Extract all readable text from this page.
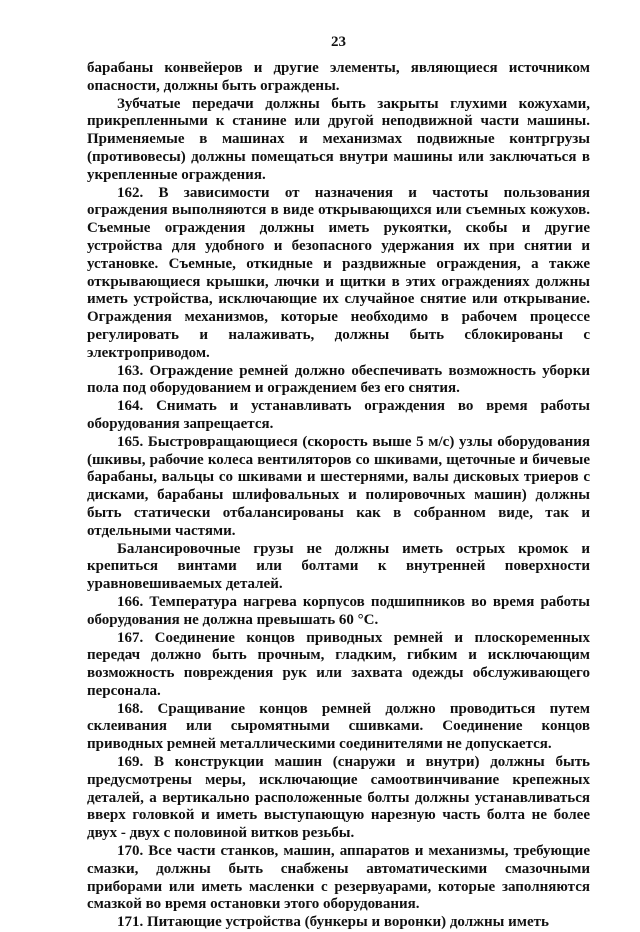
23

барабаны конвейеров и другие элементы, являющиеся источником опасности, должны быть ограждены.

Зубчатые передачи должны быть закрыты глухими кожухами, прикрепленными к станине или другой неподвижной части машины. Применяемые в машинах и механизмах подвижные контргрузы (противовесы) должны помещаться внутри машины или заключаться в укрепленные ограждения.

162. В зависимости от назначения и частоты пользования ограждения выполняются в виде открывающихся или съемных кожухов. Съемные ограждения должны иметь рукоятки, скобы и другие устройства для удобного и безопасного удержания их при снятии и установке. Съемные, откидные и раздвижные ограждения, а также открывающиеся крышки, лючки и щитки в этих ограждениях должны иметь устройства, исключающие их случайное снятие или открывание. Ограждения механизмов, которые необходимо в рабочем процессе регулировать и налаживать, должны быть сблокированы с электроприводом.

163. Ограждение ремней должно обеспечивать возможность уборки пола под оборудованием и ограждением без его снятия.

164. Снимать и устанавливать ограждения во время работы оборудования запрещается.

165. Быстровращающиеся (скорость выше 5 м/с) узлы оборудования (шкивы, рабочие колеса вентиляторов со шкивами, щеточные и бичевые барабаны, вальцы со шкивами и шестернями, валы дисковых триеров с дисками, барабаны шлифовальных и полировочных машин) должны быть статически отбалансированы как в собранном виде, так и отдельными частями.

Балансировочные грузы не должны иметь острых кромок и крепиться винтами или болтами к внутренней поверхности уравновешиваемых деталей.

166. Температура нагрева корпусов подшипников во время работы оборудования не должна превышать 60 °С.

167. Соединение концов приводных ремней и плоскоременных передач должно быть прочным, гладким, гибким и исключающим возможность повреждения рук или захвата одежды обслуживающего персонала.

168. Сращивание концов ремней должно проводиться путем склеивания или сыромятными сшивками. Соединение концов приводных ремней металлическими соединителями не допускается.

169. В конструкции машин (снаружи и внутри) должны быть предусмотрены меры, исключающие самоотвинчивание крепежных деталей, а вертикально расположенные болты должны устанавливаться вверх головкой и иметь выступающую нарезную часть болта не более двух - двух с половиной витков резьбы.

170. Все части станков, машин, аппаратов и механизмы, требующие смазки, должны быть снабжены автоматическими смазочными приборами или иметь масленки с резервуарами, которые заполняются смазкой во время остановки этого оборудования.

171. Питающие устройства (бункеры и воронки) должны иметь
